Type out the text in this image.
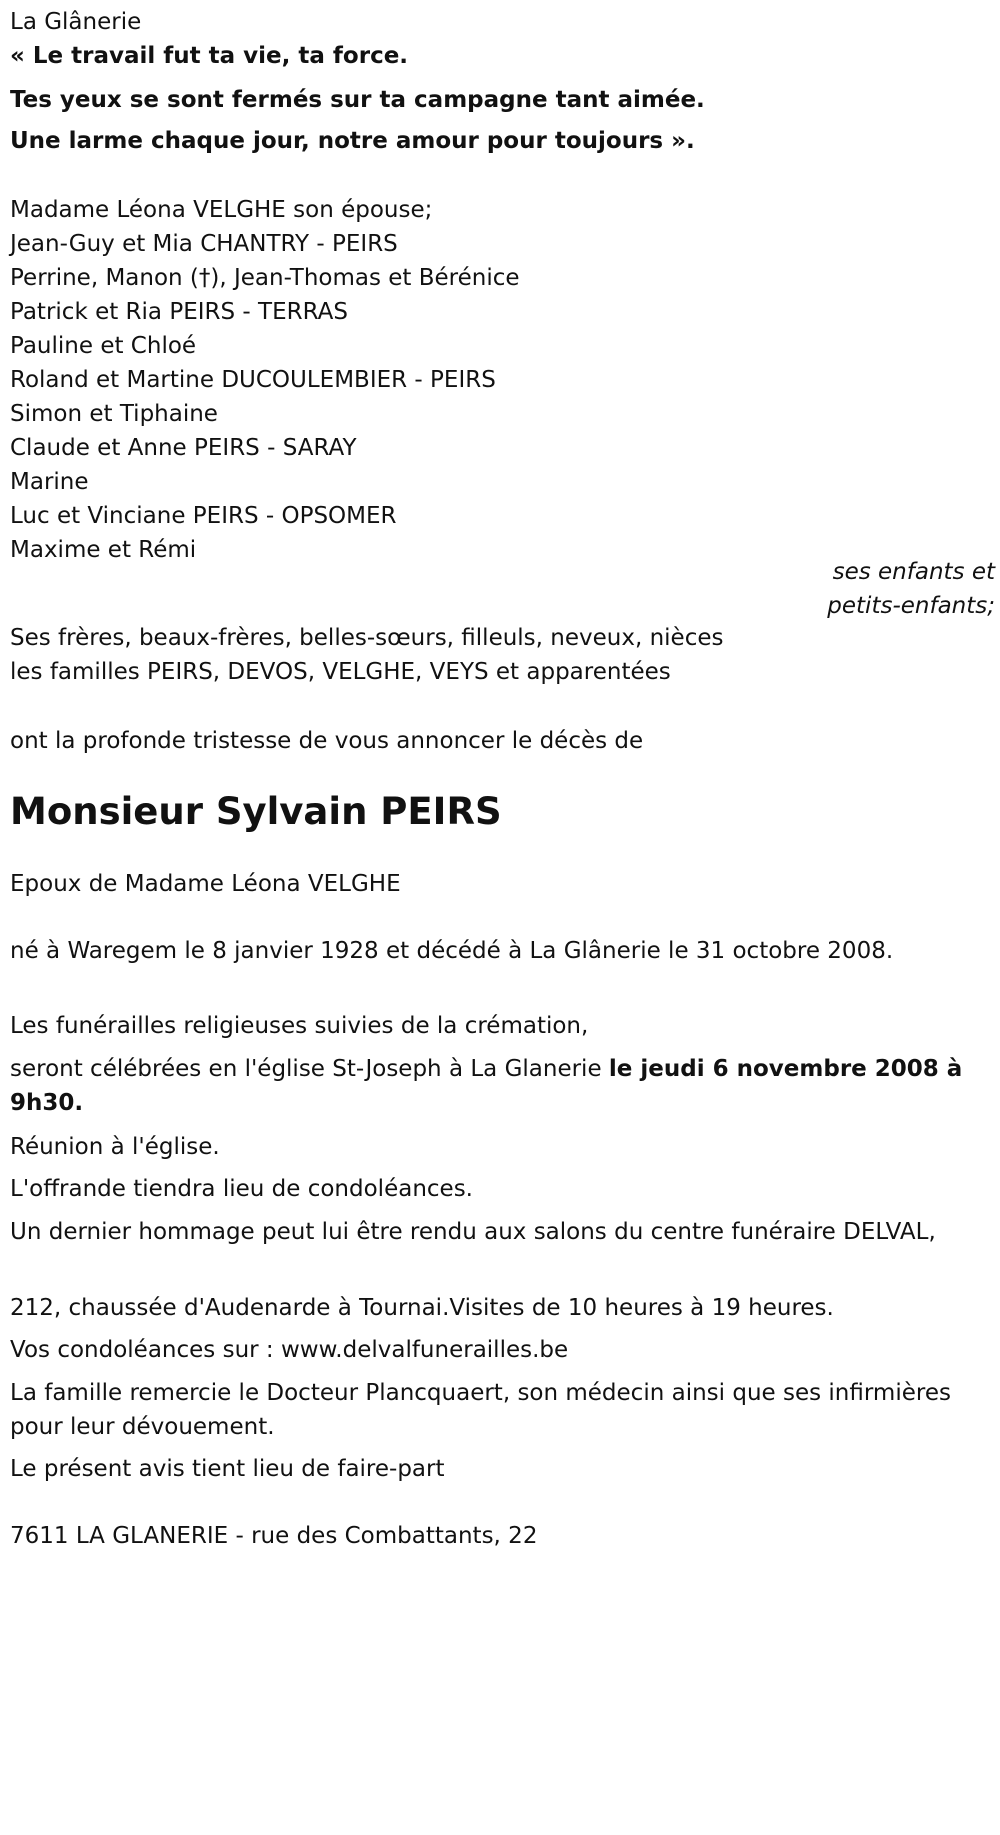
La Glânerie

« Le travail fut ta vie, ta force.

Tes yeux se sont fermés sur ta campagne tant aimée.

Une larme chaque jour, notre amour pour toujours ».

Madame Léona VELGHE son épouse;

Jean-Guy et Mia CHANTRY - PEIRS

Perrine, Manon (†), Jean-Thomas et Bérénice

Patrick et Ria PEIRS - TERRAS

Pauline et Chloé

Roland et Martine DUCOULEMBIER - PEIRS

Simon et Tiphaine

Claude et Anne PEIRS - SARAY

Marine

Luc et Vinciane PEIRS - OPSOMER

Maxime et Rémi

ses enfants et
petits-enfants;

Ses frères, beaux-frères, belles-sœurs, filleuls, neveux, nièces

les familles PEIRS, DEVOS, VELGHE, VEYS et apparentées

ont la profonde tristesse de vous annoncer le décès de

Monsieur Sylvain PEIRS

Epoux de Madame Léona VELGHE

né à Waregem le 8 janvier 1928 et décédé à La Glânerie le 31 octobre 2008.

Les funérailles religieuses suivies de la crémation,

seront célébrées en l'église St-Joseph à La Glanerie le jeudi 6 novembre 2008 à 9h30.

Réunion à l'église.

L'offrande tiendra lieu de condoléances.

Un dernier hommage peut lui être rendu aux salons du centre funéraire DELVAL,

212, chaussée d'Audenarde à Tournai.Visites de 10 heures à 19 heures.

Vos condoléances sur : www.delvalfunerailles.be

La famille remercie le Docteur Plancquaert, son médecin ainsi que ses infirmières pour leur dévouement.

Le présent avis tient lieu de faire-part

7611 LA GLANERIE - rue des Combattants, 22
